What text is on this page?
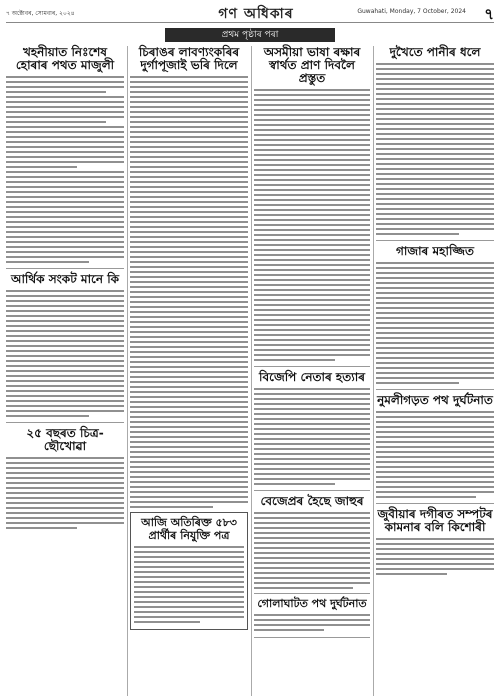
৭ অক্টোবৰ, সোমবাৰ, ২০২৪	গণ অধিকাৰ	Guwahati, Monday, 7 October, 2024 ৭
প্ৰথম পৃষ্ঠাৰ পৰা
খহনীয়াত নিঃশেষ হোৰাৰ পথত মাজুলী
আৰ্থিক সংকট মানে কি
২৫ বছৰত চিত্ৰ-ছৌখোৱা
চিৰাঙৰ লাবণ্যংকৰিৰ দুৰ্গাপূজাই ভৰি দিলে
আজি অতিৰিক্ত ৫৮৩ প্ৰাৰ্থীৰ নিযুক্তি পত্ৰ
অসমীয়া ভাষা ৰক্ষাৰ স্বাৰ্থত প্ৰাণ দিবলৈ প্ৰস্তুত
বিজেপি নেতাৰ হত্যাৰ
বেজেপ্ৰৰ হৈছে জাহুৰ
গোলাঘাটত পথ দুৰ্ঘটনাত
দুখৈতে পানীৰ ধলে
গাজাৰ মহাজ্জিত
নুমলীগড়ত পথ দুৰ্ঘটনাত
জুবীয়াৰ দগীৰত সম্পটৰ কামনাৰ বলি কিশোৰী
